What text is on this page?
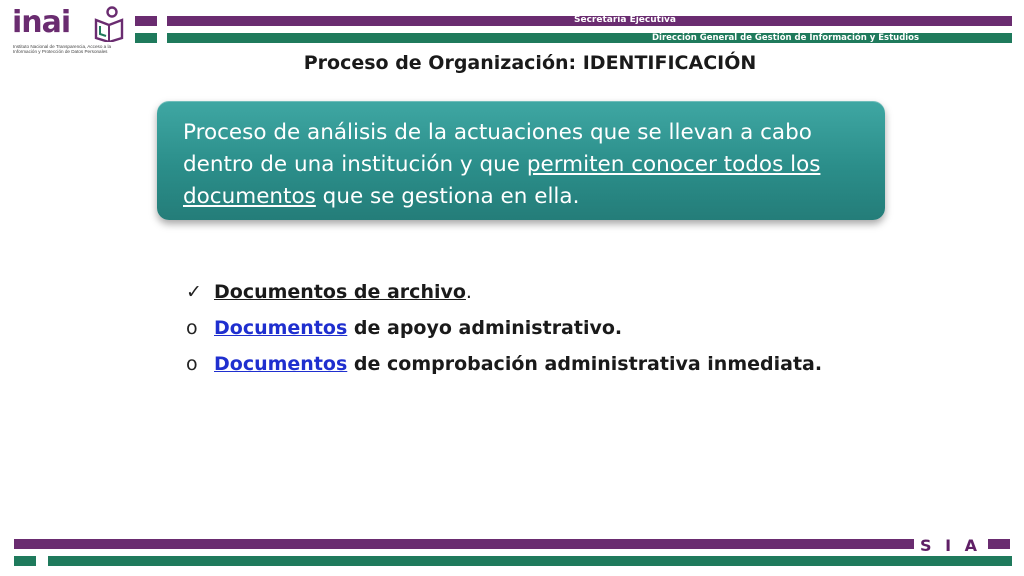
inai
Instituto Nacional de Transparencia, Acceso a la Información y Protección de Datos Personales
Secretaría Ejecutiva
Dirección General de Gestión de Información y Estudios
Proceso de Organización: IDENTIFICACIÓN
Proceso de análisis de la actuaciones que se llevan a cabo dentro de una institución y que permiten conocer todos los documentos que se gestiona en ella.
✓ Documentos de archivo.
o Documentos de apoyo administrativo.
o Documentos de comprobación administrativa inmediata.
S I A
